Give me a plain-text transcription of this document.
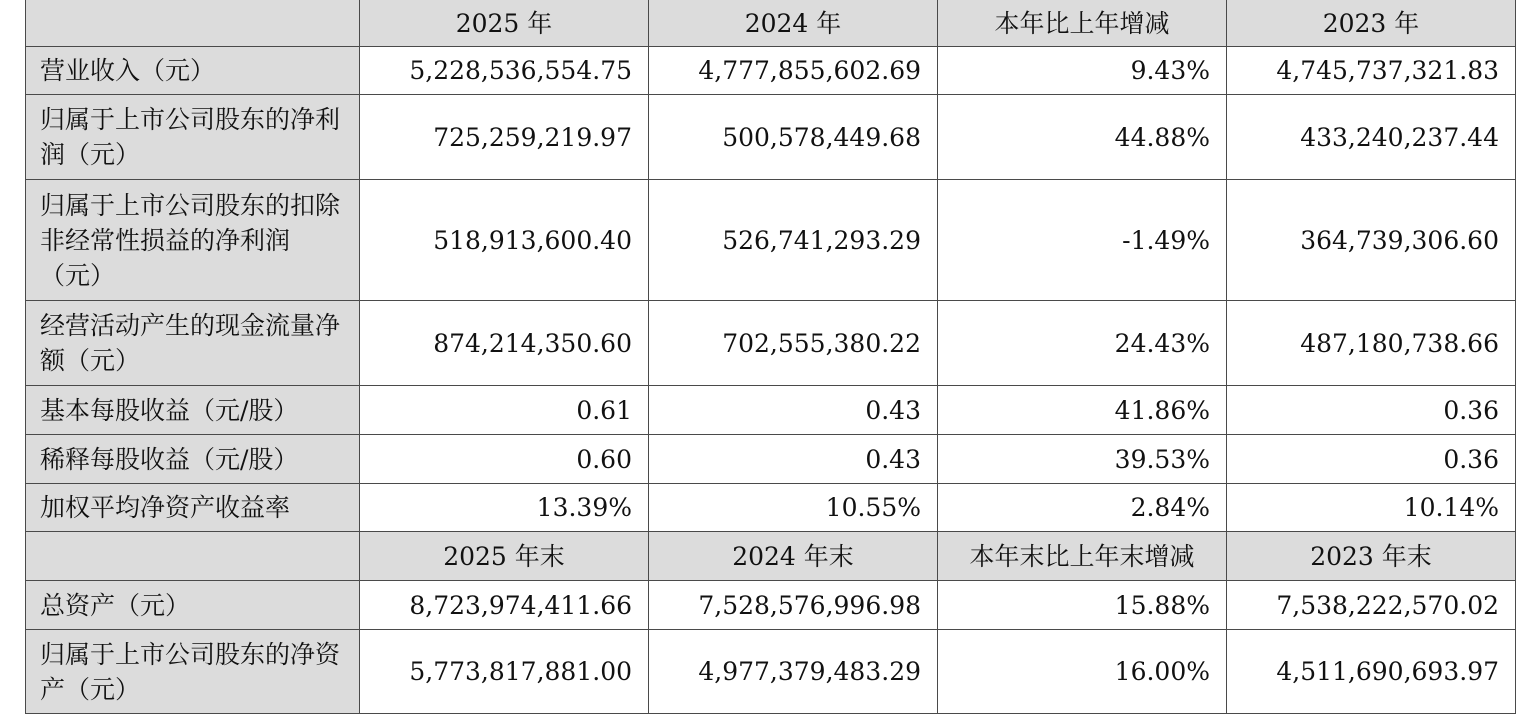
	2025 年	2024 年	本年比上年增减	2023 年
营业收入（元）	5,228,536,554.75	4,777,855,602.69	9.43%	4,745,737,321.83
归属于上市公司股东的净利润（元）	725,259,219.97	500,578,449.68	44.88%	433,240,237.44
归属于上市公司股东的扣除非经常性损益的净利润（元）	518,913,600.40	526,741,293.29	-1.49%	364,739,306.60
经营活动产生的现金流量净额（元）	874,214,350.60	702,555,380.22	24.43%	487,180,738.66
基本每股收益（元/股）	0.61	0.43	41.86%	0.36
稀释每股收益（元/股）	0.60	0.43	39.53%	0.36
加权平均净资产收益率	13.39%	10.55%	2.84%	10.14%
	2025 年末	2024 年末	本年末比上年末增减	2023 年末
总资产（元）	8,723,974,411.66	7,528,576,996.98	15.88%	7,538,222,570.02
归属于上市公司股东的净资产（元）	5,773,817,881.00	4,977,379,483.29	16.00%	4,511,690,693.97
